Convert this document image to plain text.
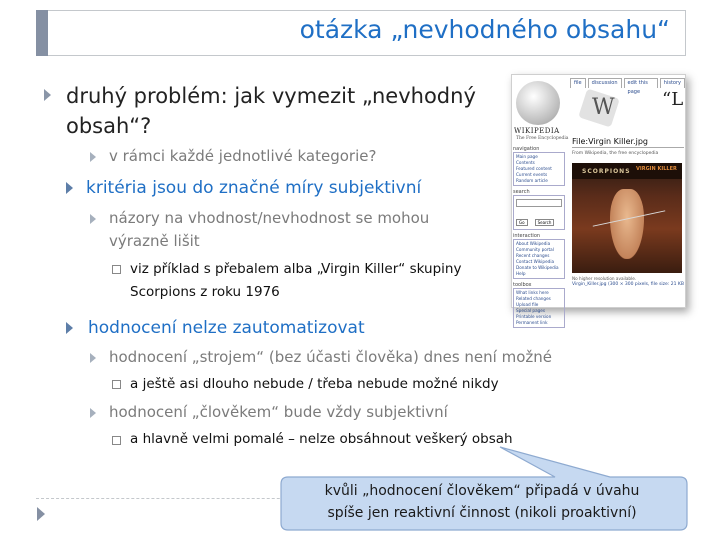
otázka „nevhodného obsahu“
druhý problém: jak vymezit „nevhodný
obsah“?
v rámci každé jednotlivé kategorie?
kritéria jsou do značné míry subjektivní
názory na vhodnost/nevhodnost se mohou
výrazně lišit
viz příklad s přebalem alba „Virgin Killer“ skupiny
Scorpions z roku 1976
hodnocení nelze zautomatizovat
hodnocení „strojem“ (bez účasti člověka) dnes není možné
a ještě asi dlouho nebude / třeba nebude možné nikdy
hodnocení „člověkem“ bude vždy subjektivní
a hlavně velmi pomalé – nelze obsáhnout veškerý obsah
WIKIPEDIA
The Free Encyclopedia
file	discussion	edit this page
history
W	“L
navigation
Main page
Contents
Featured content
Current events
Random article
search
Go	Search
interaction
About Wikipedia
Community portal
Recent changes
Contact Wikipedia
Donate to Wikipedia
Help
toolbox
What links here
Related changes
Upload file
Special pages
Printable version
Permanent link
File:Virgin Killer.jpg
From Wikipedia, the free encyclopedia
SCORPIONS VIRGIN KILLER
No higher resolution available.
Virgin_Killer.jpg (300 × 300 pixels, file size: 21 KB
kvůli „hodnocení člověkem“ připadá v úvahu
spíše jen reaktivní činnost (nikoli proaktivní)
